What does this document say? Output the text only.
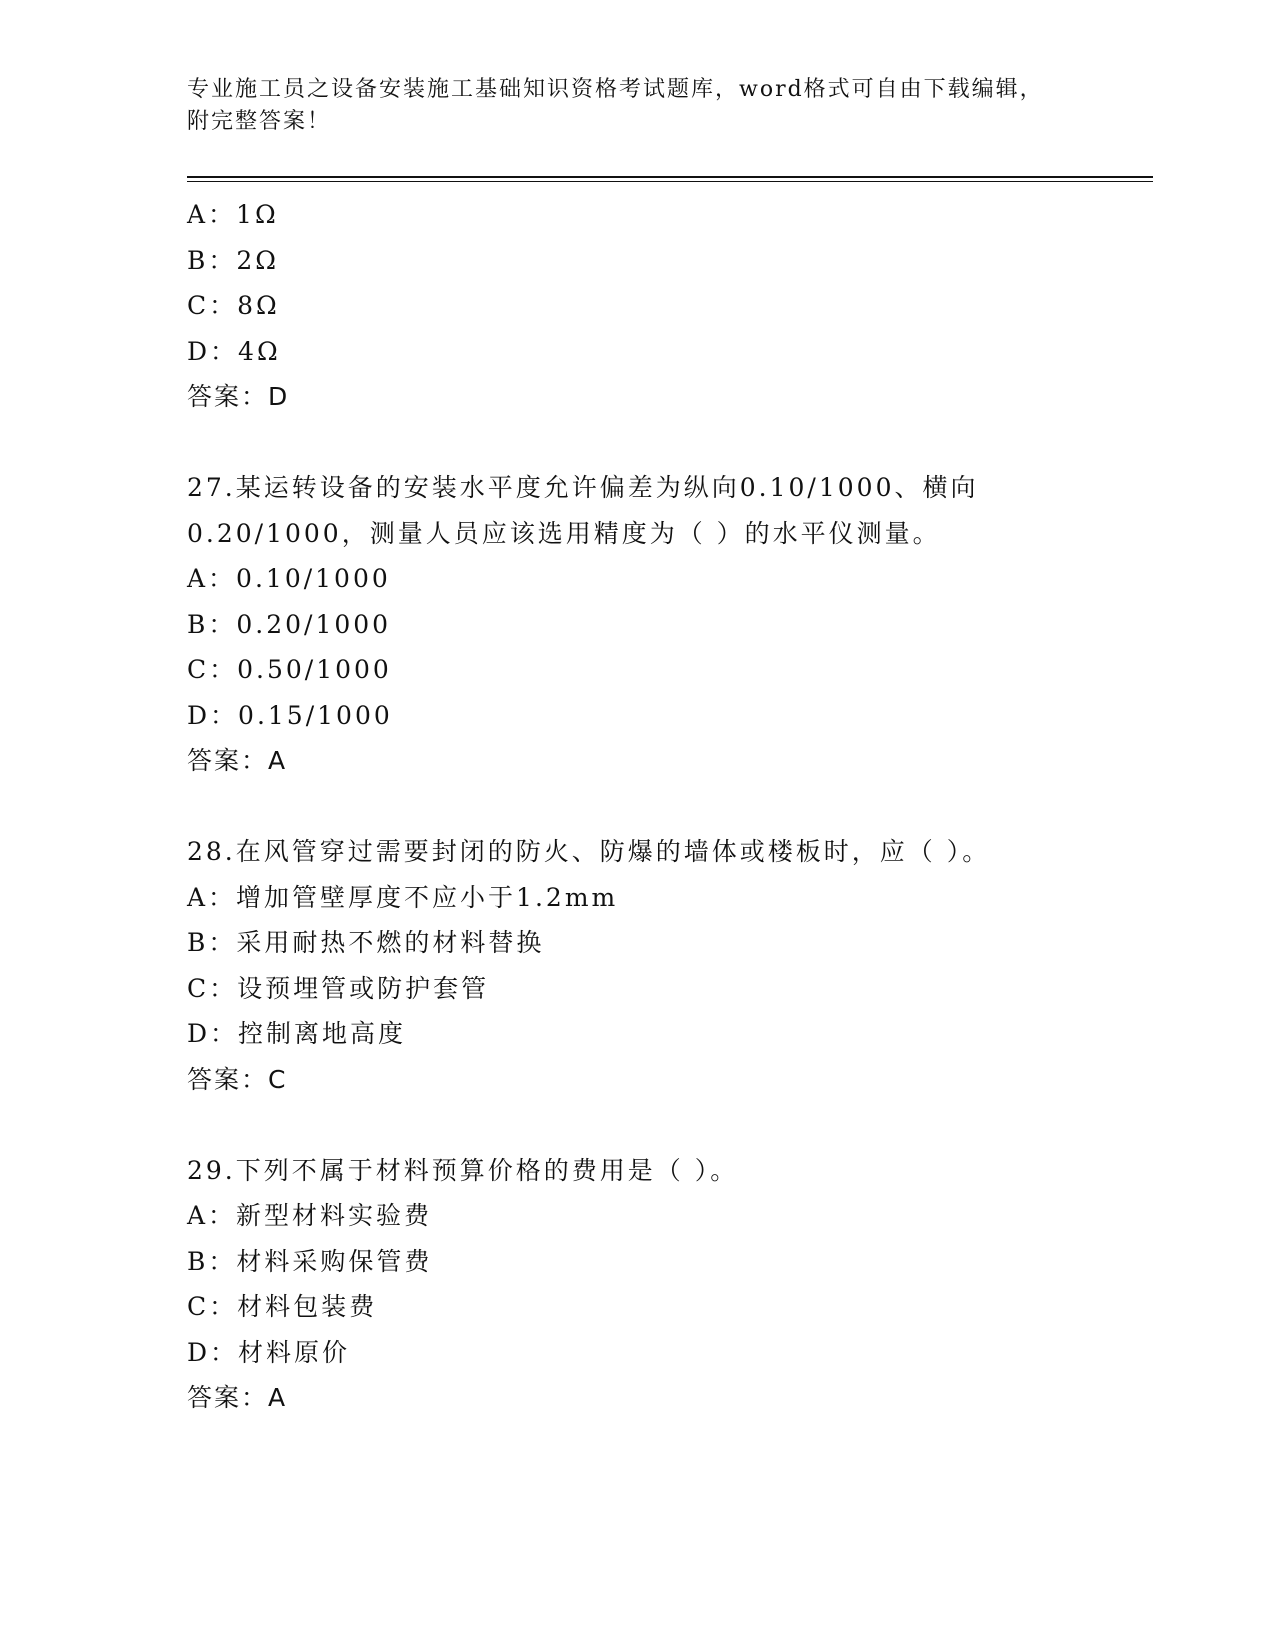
专业施工员之设备安装施工基础知识资格考试题库，word格式可自由下载编辑，
附完整答案！
A：1Ω
B：2Ω
C：8Ω
D：4Ω
答案：D
27.某运转设备的安装水平度允许偏差为纵向0.10/1000、横向
0.20/1000，测量人员应该选用精度为（ ）的水平仪测量。
A：0.10/1000
B：0.20/1000
C：0.50/1000
D：0.15/1000
答案：A
28.在风管穿过需要封闭的防火、防爆的墙体或楼板时，应（ ）。
A：增加管壁厚度不应小于1.2mm
B：采用耐热不燃的材料替换
C：设预埋管或防护套管
D：控制离地高度
答案：C
29.下列不属于材料预算价格的费用是（ ）。
A：新型材料实验费
B：材料采购保管费
C：材料包装费
D：材料原价
答案：A
